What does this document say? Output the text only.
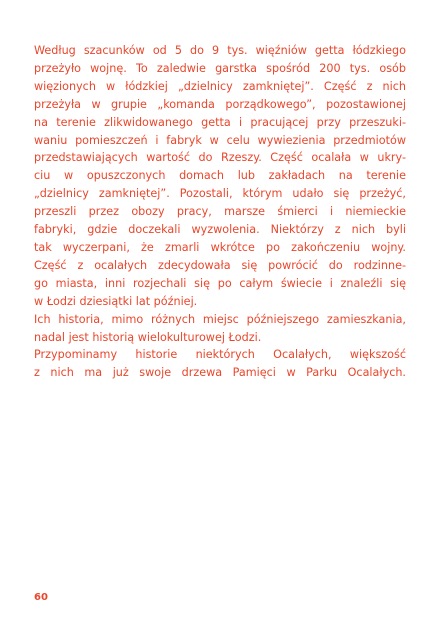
Według szacunków od 5 do 9 tys. więźniów getta łódzkiego
przeżyło wojnę. To zaledwie garstka spośród 200 tys. osób
więzionych w łódzkiej „dzielnicy zamkniętej”. Część z nich
przeżyła w grupie „komanda porządkowego”, pozostawionej
na terenie zlikwidowanego getta i pracującej przy przeszuki-
waniu pomieszczeń i fabryk w celu wywiezienia przedmiotów
przedstawiających wartość do Rzeszy. Część ocalała w ukry-
ciu w opuszczonych domach lub zakładach na terenie
„dzielnicy zamkniętej”. Pozostali, którym udało się przeżyć,
przeszli przez obozy pracy, marsze śmierci i niemieckie
fabryki, gdzie doczekali wyzwolenia. Niektórzy z nich byli
tak wyczerpani, że zmarli wkrótce po zakończeniu wojny.
Część z ocalałych zdecydowała się powrócić do rodzinne-
go miasta, inni rozjechali się po całym świecie i znaleźli się
w Łodzi dziesiątki lat później.
Ich historia, mimo różnych miejsc późniejszego zamieszkania,
nadal jest historią wielokulturowej Łodzi.
Przypominamy historie niektórych Ocalałych, większość
z nich ma już swoje drzewa Pamięci w Parku Ocalałych.
60
